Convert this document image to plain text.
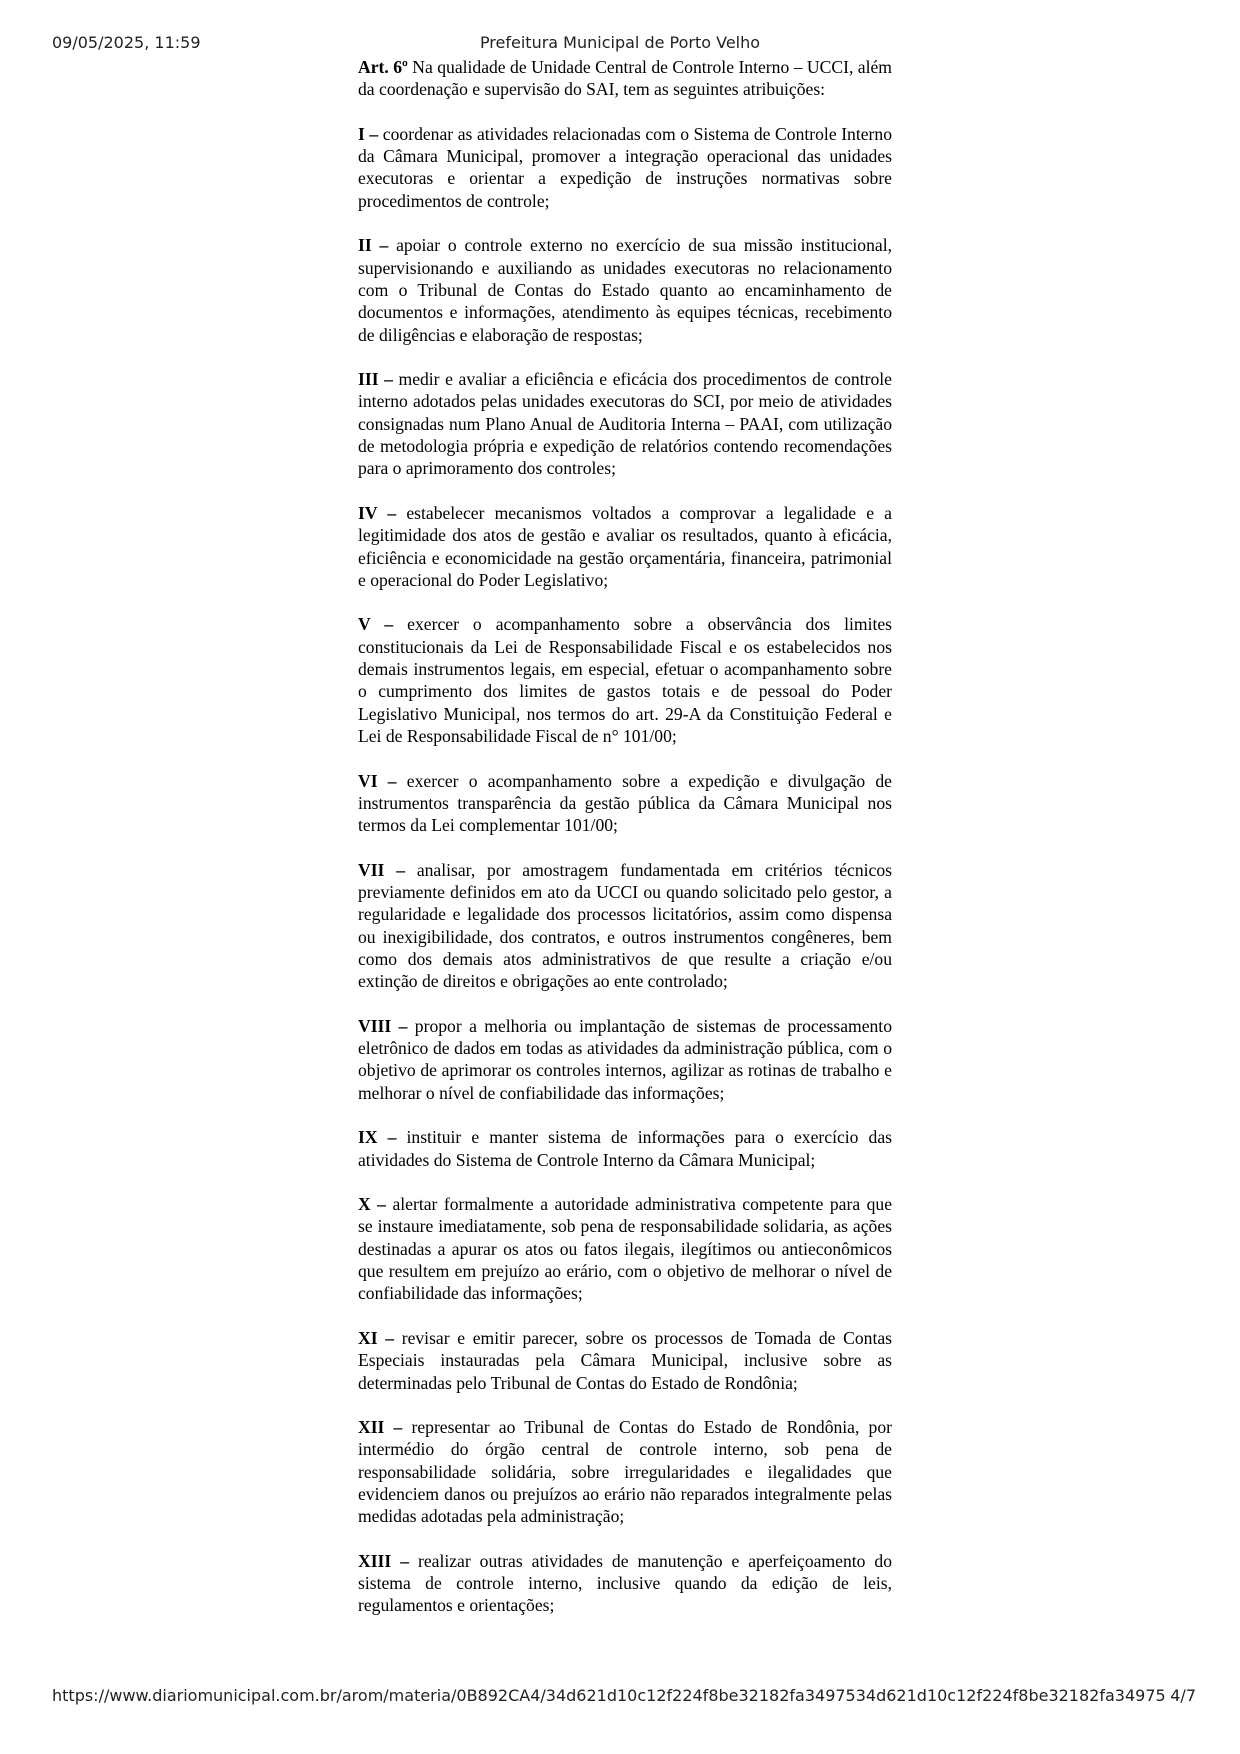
09/05/2025, 11:59	Prefeitura Municipal de Porto Velho

Art. 6º Na qualidade de Unidade Central de Controle Interno – UCCI, além da coordenação e supervisão do SAI, tem as seguintes atribuições:

I – coordenar as atividades relacionadas com o Sistema de Controle Interno da Câmara Municipal, promover a integração operacional das unidades executoras e orientar a expedição de instruções normativas sobre procedimentos de controle;

II – apoiar o controle externo no exercício de sua missão institucional, supervisionando e auxiliando as unidades executoras no relacionamento com o Tribunal de Contas do Estado quanto ao encaminhamento de documentos e informações, atendimento às equipes técnicas, recebimento de diligências e elaboração de respostas;

III – medir e avaliar a eficiência e eficácia dos procedimentos de controle interno adotados pelas unidades executoras do SCI, por meio de atividades consignadas num Plano Anual de Auditoria Interna – PAAI, com utilização de metodologia própria e expedição de relatórios contendo recomendações para o aprimoramento dos controles;

IV – estabelecer mecanismos voltados a comprovar a legalidade e a legitimidade dos atos de gestão e avaliar os resultados, quanto à eficácia, eficiência e economicidade na gestão orçamentária, financeira, patrimonial e operacional do Poder Legislativo;

V – exercer o acompanhamento sobre a observância dos limites constitucionais da Lei de Responsabilidade Fiscal e os estabelecidos nos demais instrumentos legais, em especial, efetuar o acompanhamento sobre o cumprimento dos limites de gastos totais e de pessoal do Poder Legislativo Municipal, nos termos do art. 29-A da Constituição Federal e Lei de Responsabilidade Fiscal de n° 101/00;

VI – exercer o acompanhamento sobre a expedição e divulgação de instrumentos transparência da gestão pública da Câmara Municipal nos termos da Lei complementar 101/00;

VII – analisar, por amostragem fundamentada em critérios técnicos previamente definidos em ato da UCCI ou quando solicitado pelo gestor, a regularidade e legalidade dos processos licitatórios, assim como dispensa ou inexigibilidade, dos contratos, e outros instrumentos congêneres, bem como dos demais atos administrativos de que resulte a criação e/ou extinção de direitos e obrigações ao ente controlado;

VIII – propor a melhoria ou implantação de sistemas de processamento eletrônico de dados em todas as atividades da administração pública, com o objetivo de aprimorar os controles internos, agilizar as rotinas de trabalho e melhorar o nível de confiabilidade das informações;

IX – instituir e manter sistema de informações para o exercício das atividades do Sistema de Controle Interno da Câmara Municipal;

X – alertar formalmente a autoridade administrativa competente para que se instaure imediatamente, sob pena de responsabilidade solidaria, as ações destinadas a apurar os atos ou fatos ilegais, ilegítimos ou antieconômicos que resultem em prejuízo ao erário, com o objetivo de melhorar o nível de confiabilidade das informações;

XI – revisar e emitir parecer, sobre os processos de Tomada de Contas Especiais instauradas pela Câmara Municipal, inclusive sobre as determinadas pelo Tribunal de Contas do Estado de Rondônia;

XII – representar ao Tribunal de Contas do Estado de Rondônia, por intermédio do órgão central de controle interno, sob pena de responsabilidade solidária, sobre irregularidades e ilegalidades que evidenciem danos ou prejuízos ao erário não reparados integralmente pelas medidas adotadas pela administração;

XIII – realizar outras atividades de manutenção e aperfeiçoamento do sistema de controle interno, inclusive quando da edição de leis, regulamentos e orientações;

https://www.diariomunicipal.com.br/arom/materia/0B892CA4/34d621d10c12f224f8be32182fa3497534d621d10c12f224f8be32182fa34975 4/7
